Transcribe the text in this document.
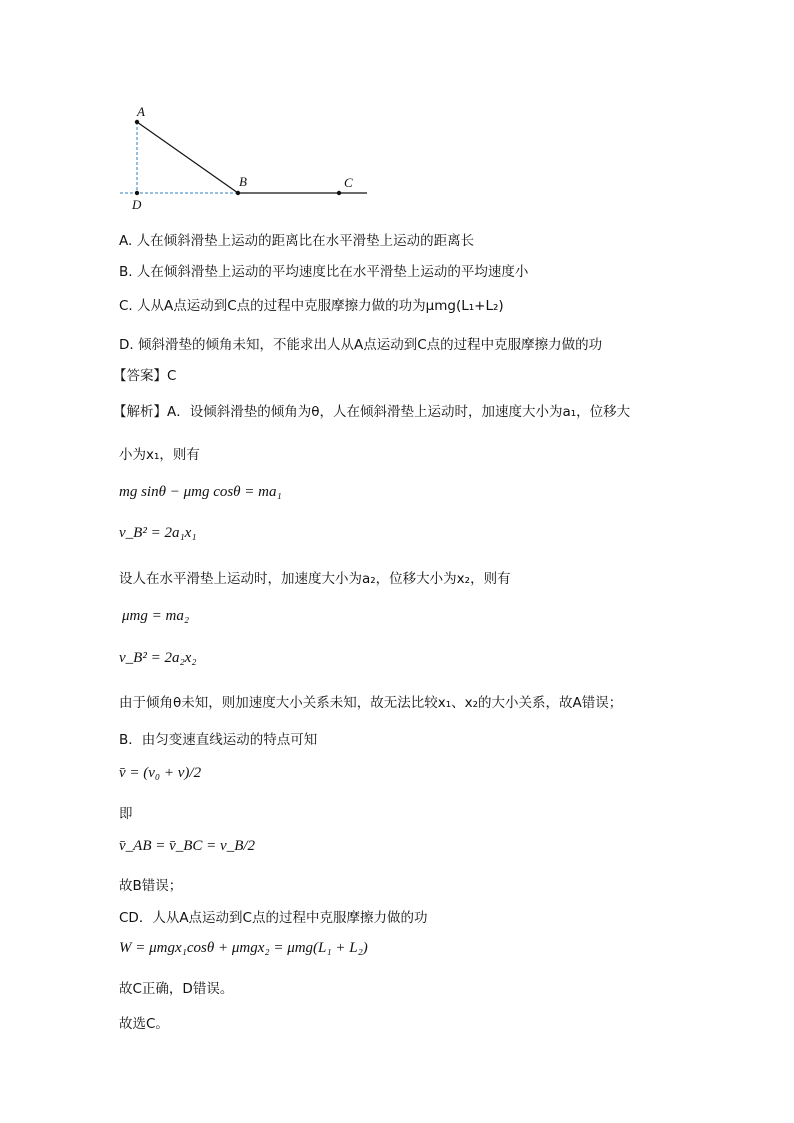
A
D
B	C
A. 人在倾斜滑垫上运动的距离比在水平滑垫上运动的距离长
B. 人在倾斜滑垫上运动的平均速度比在水平滑垫上运动的平均速度小
C. 人从A点运动到C点的过程中克服摩擦力做的功为μmg(L₁+L₂)
D. 倾斜滑垫的倾角未知，不能求出人从A点运动到C点的过程中克服摩擦力做的功
【答案】C
【解析】A．设倾斜滑垫的倾角为θ，人在倾斜滑垫上运动时，加速度大小为a₁，位移大
小为x₁，则有
mg sinθ − μmg cosθ = ma₁
v_B² = 2a₁x₁
设人在水平滑垫上运动时，加速度大小为a₂，位移大小为x₂，则有
μmg = ma₂
v_B² = 2a₂x₂
由于倾角θ未知，则加速度大小关系未知，故无法比较x₁、x₂的大小关系，故A错误；
B．由匀变速直线运动的特点可知
v̄ = (v₀ + v)/2
即
v̄_AB = v̄_BC = v_B/2
故B错误；
CD．人从A点运动到C点的过程中克服摩擦力做的功
W = μmgx₁cosθ + μmgx₂ = μmg(L₁ + L₂)
故C正确，D错误。
故选C。
